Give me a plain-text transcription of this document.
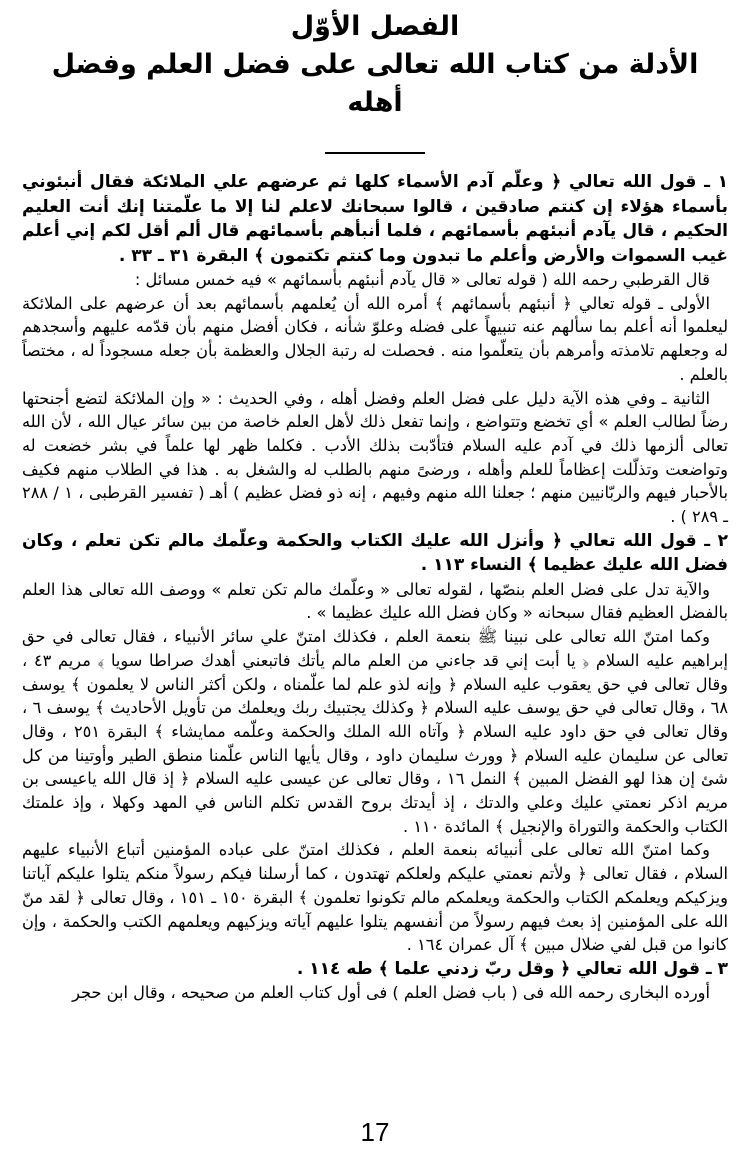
الفصل الأوّل
الأدلة من كتاب الله تعالى على فضل العلم وفضل أهله

١ ـ قول الله تعالي ﴿ وعلّم آدم الأسماء كلها ثم عرضهم علي الملائكة فقال أنبئوني بأسماء هؤلاء إن كنتم صادقين ، قالوا سبحانك لاعلم لنا إلا ما علّمتنا إنك أنت العليم الحكيم ، قال يآدم أنبئهم بأسمائهم ، فلما أنبأهم بأسمائهم قال ألم أقل لكم إني أعلم غيب السموات والأرض وأعلم ما تبدون وما كنتم تكتمون ﴾ البقرة ٣١ ـ ٣٣ .

قال القرطبي رحمه الله ( قوله تعالى « قال يآدم أنبئهم بأسمائهم » فيه خمس مسائل :

الأولى ـ قوله تعالي ﴿ أنبئهم بأسمائهم ﴾ أمره الله أن يُعلمهم بأسمائهم بعد أن عرضهم على الملائكة ليعلموا أنه أعلم بما سألهم عنه تنبيهاً على فضله وعلوّ شأنه ، فكان أفضل منهم بأن قدّمه عليهم وأسجدهم له وجعلهم تلامذته وأمرهم بأن يتعلّموا منه . فحصلت له رتبة الجلال والعظمة بأن جعله مسجوداً له ، مختصاً بالعلم .

الثانية ـ وفي هذه الآية دليل على فضل العلم وفضل أهله ، وفي الحديث : « وإن الملائكة لتضع أجنحتها رضاً لطالب العلم » أي تخضع وتتواضع ، وإنما تفعل ذلك لأهل العلم خاصة من بين سائر عيال الله ، لأن الله تعالى ألزمها ذلك في آدم عليه السلام فتأدّبت بذلك الأدب . فكلما ظهر لها علماً في بشر خضعت له وتواضعت وتذلّلت إعظاماً للعلم وأهله ، ورضىً منهم بالطلب له والشغل به . هذا في الطلاب منهم فكيف بالأحبار فيهم والربّانيين منهم ؛ جعلنا الله منهم وفيهم ، إنه ذو فضل عظيم ) أهـ ( تفسير القرطبى ، ١ / ٢٨٨ ـ ٢٨٩ ) .

٢ ـ قول الله تعالي ﴿ وأنزل الله عليك الكتاب والحكمة وعلّمك مالم تكن تعلم ، وكان فضل الله عليك عظيما ﴾ النساء ١١٣ .

والآية تدل على فضل العلم بنصّها ، لقوله تعالى « وعلّمك مالم تكن تعلم » ووصف الله تعالى هذا العلم بالفضل العظيم فقال سبحانه « وكان فضل الله عليك عظيما » .

وكما امتنّ الله تعالى على نبينا ﷺ بنعمة العلم ، فكذلك امتنّ علي سائر الأنبياء ، فقال تعالى في حق إبراهيم عليه السلام ﴿ يا أبت إني قد جاءني من العلم مالم يأتك فاتبعني أهدك صراطا سويا ﴾ مريم ٤٣ ، وقال تعالى في حق يعقوب عليه السلام ﴿ وإنه لذو علم لما علّمناه ، ولكن أكثر الناس لا يعلمون ﴾ يوسف ٦٨ ، وقال تعالى في حق يوسف عليه السلام ﴿ وكذلك يجتبيك ربك ويعلمك من تأويل الأحاديث ﴾ يوسف ٦ ، وقال تعالى في حق داود عليه السلام ﴿ وآتاه الله الملك والحكمة وعلّمه ممايشاء ﴾ البقرة ٢٥١ ، وقال تعالى عن سليمان عليه السلام ﴿ وورث سليمان داود ، وقال يأيها الناس علّمنا منطق الطير وأوتينا من كل شئ إن هذا لهو الفضل المبين ﴾ النمل ١٦ ، وقال تعالى عن عيسى عليه السلام ﴿ إذ قال الله ياعيسى بن مريم اذكر نعمتي عليك وعلي والدتك ، إذ أيدتك بروح القدس تكلم الناس في المهد وكهلا ، وإذ علمتك الكتاب والحكمة والتوراة والإنجيل ﴾ المائدة ١١٠ .

وكما امتنّ الله تعالى على أنبيائه بنعمة العلم ، فكذلك امتنّ على عباده المؤمنين أتباع الأنبياء عليهم السلام ، فقال تعالى ﴿ ولأتم نعمتي عليكم ولعلكم تهتدون ، كما أرسلنا فيكم رسولاً منكم يتلوا عليكم آياتنا ويزكيكم ويعلمكم الكتاب والحكمة ويعلمكم مالم تكونوا تعلمون ﴾ البقرة ١٥٠ ـ ١٥١ ، وقال تعالى ﴿ لقد منّ الله على المؤمنين إذ بعث فيهم رسولاً من أنفسهم يتلوا عليهم آياته ويزكيهم ويعلمهم الكتب والحكمة ، وإن كانوا من قبل لفي ضلال مبين ﴾ آل عمران ١٦٤ .

٣ ـ قول الله تعالي ﴿ وقل ربّ زدني علما ﴾ طه ١١٤ .

أورده البخارى رحمه الله فى ( باب فضل العلم ) فى أول كتاب العلم من صحيحه ، وقال ابن حجر

17
